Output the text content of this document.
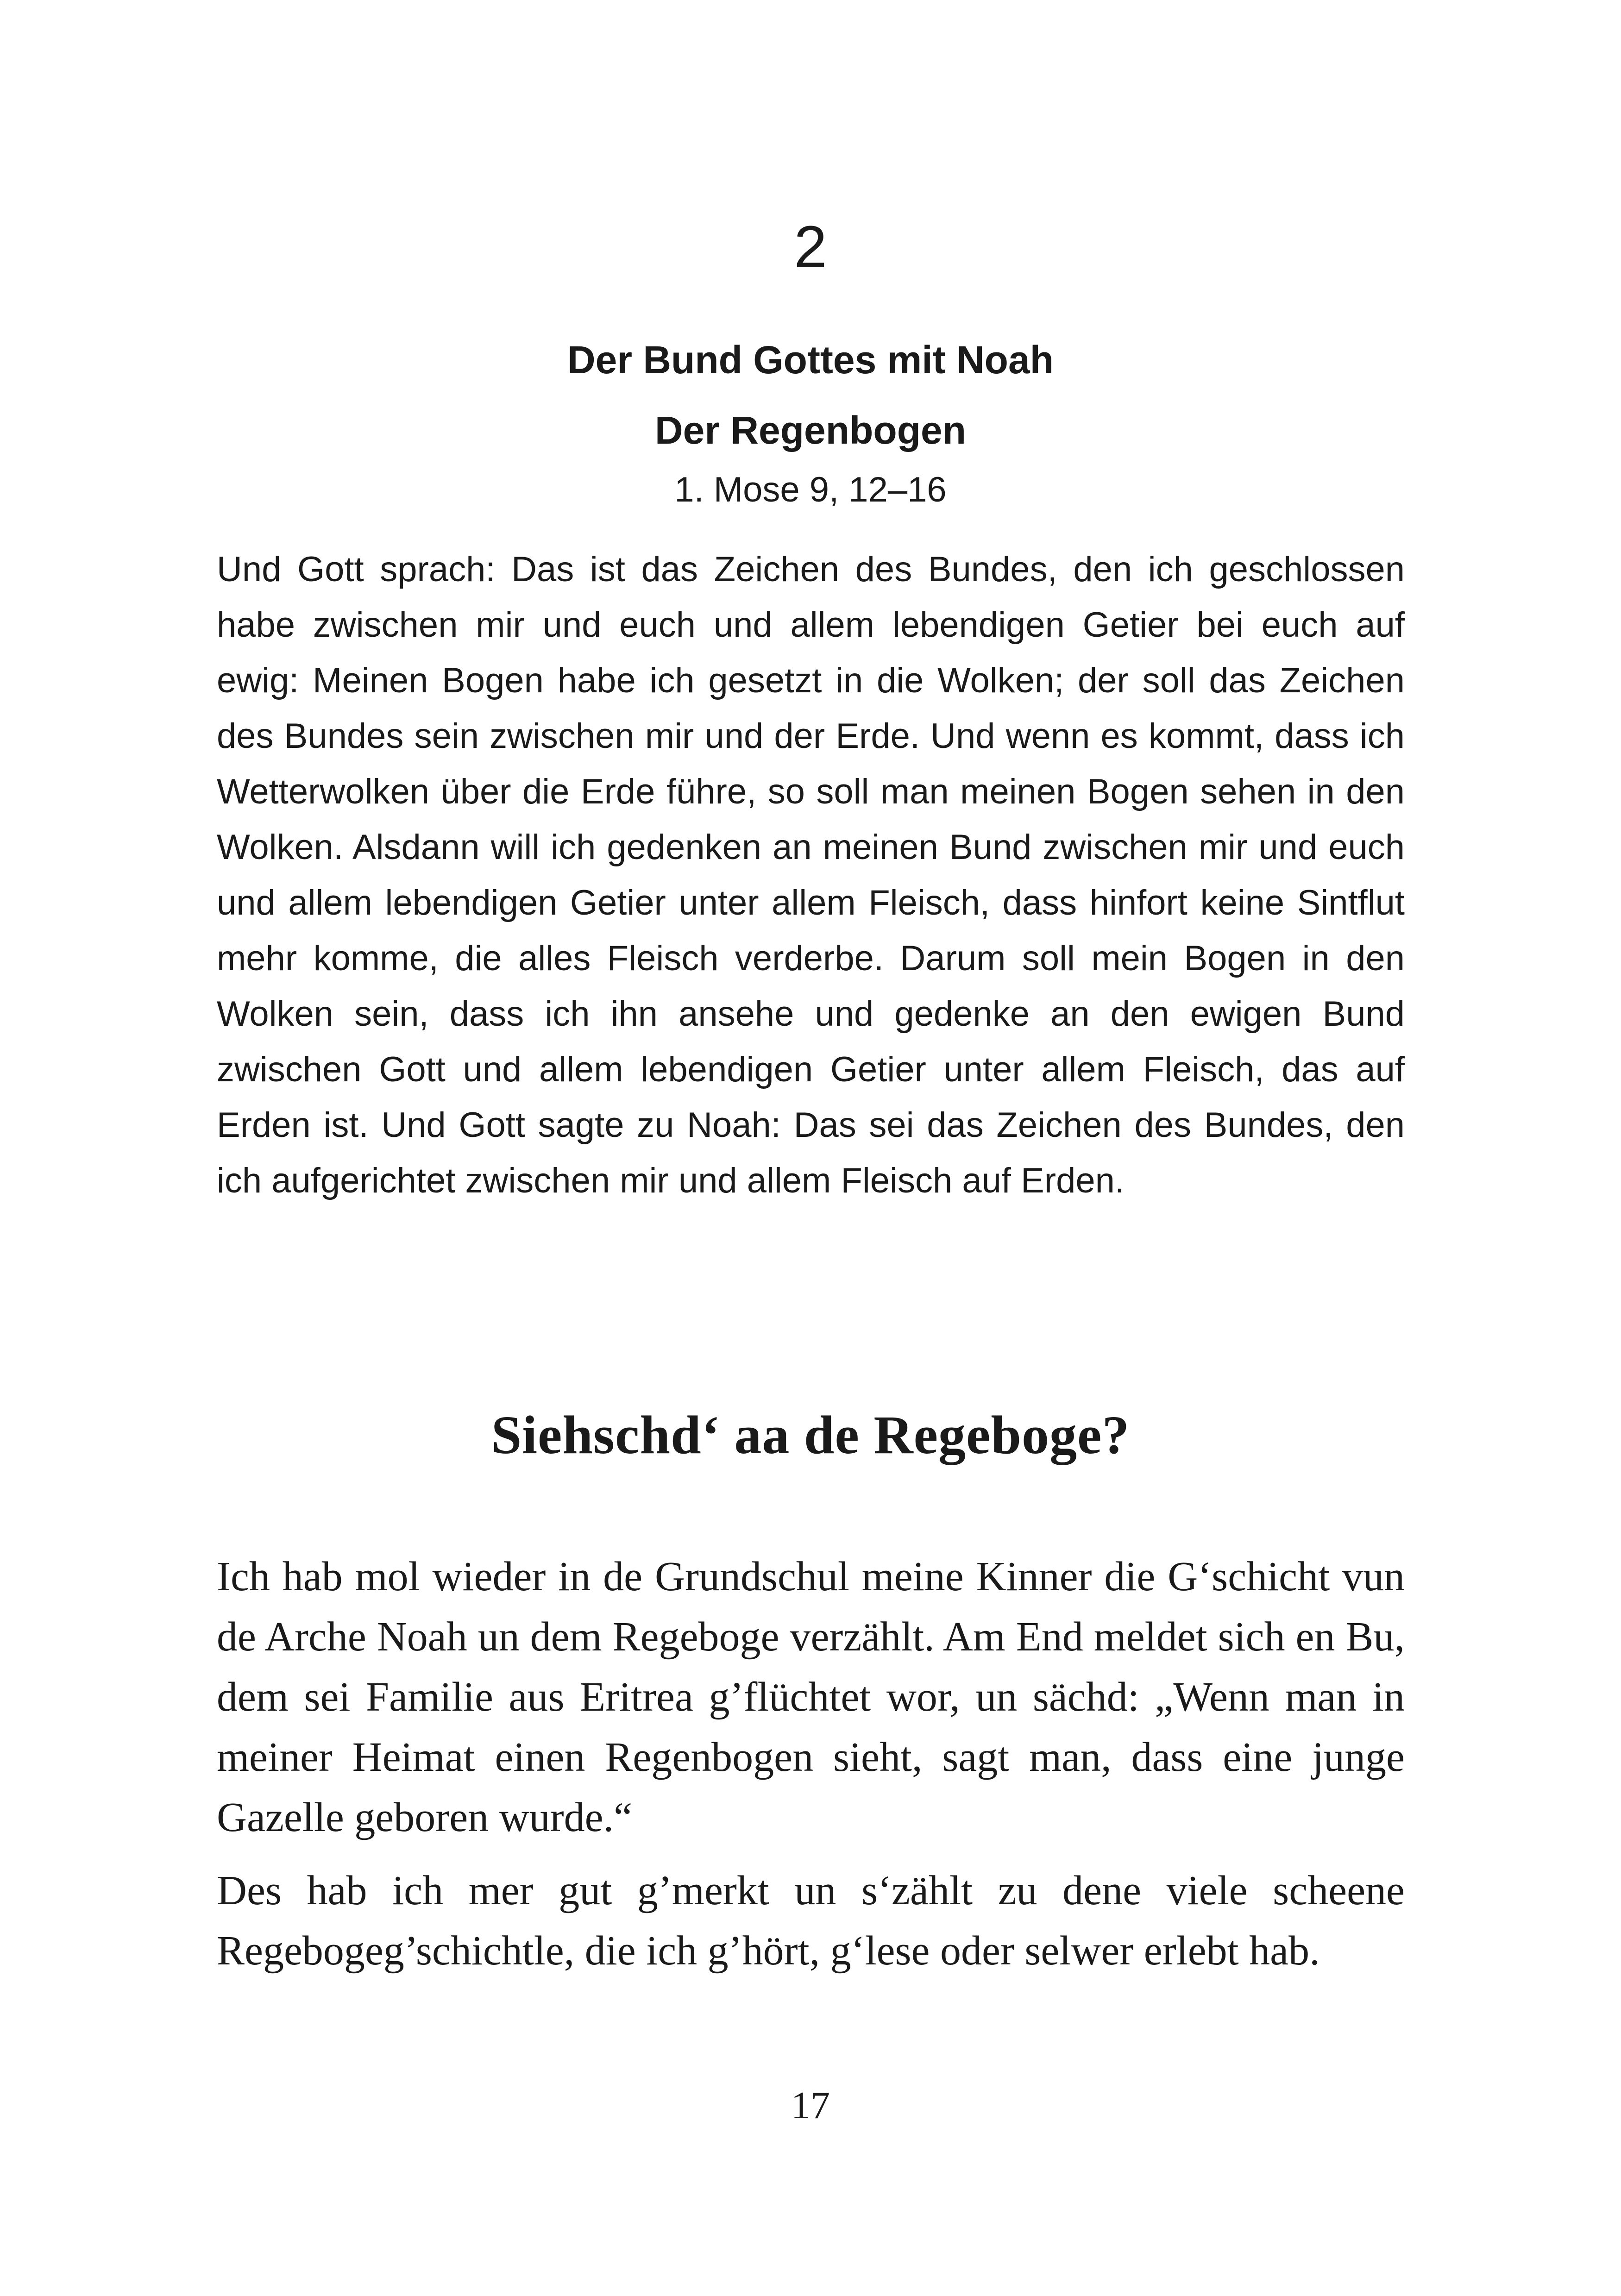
2
Der Bund Gottes mit Noah
Der Regenbogen
1. Mose 9, 12–16

Und Gott sprach: Das ist das Zeichen des Bundes, den ich geschlossen habe zwischen mir und euch und allem lebendigen Getier bei euch auf ewig: Meinen Bogen habe ich gesetzt in die Wolken; der soll das Zeichen des Bundes sein zwischen mir und der Erde. Und wenn es kommt, dass ich Wetterwolken über die Erde führe, so soll man meinen Bogen sehen in den Wolken. Alsdann will ich gedenken an meinen Bund zwischen mir und euch und allem lebendigen Getier unter allem Fleisch, dass hinfort keine Sintflut mehr komme, die alles Fleisch verderbe. Darum soll mein Bogen in den Wolken sein, dass ich ihn ansehe und gedenke an den ewigen Bund zwischen Gott und allem lebendigen Getier unter allem Fleisch, das auf Erden ist. Und Gott sagte zu Noah: Das sei das Zeichen des Bundes, den ich aufgerichtet zwischen mir und allem Fleisch auf Erden.

Siehschd‘ aa de Regeboge?

Ich hab mol wieder in de Grundschul meine Kinner die G‘schicht vun de Arche Noah un dem Regeboge verzählt. Am End meldet sich en Bu, dem sei Familie aus Eritrea g’flüchtet wor, un sächd: „Wenn man in meiner Heimat einen Regenbogen sieht, sagt man, dass eine junge Gazelle geboren wurde.“

Des hab ich mer gut g’merkt un s‘zählt zu dene viele scheene Regebogeg’schichtle, die ich g’hört, g‘lese oder selwer erlebt hab.

17
